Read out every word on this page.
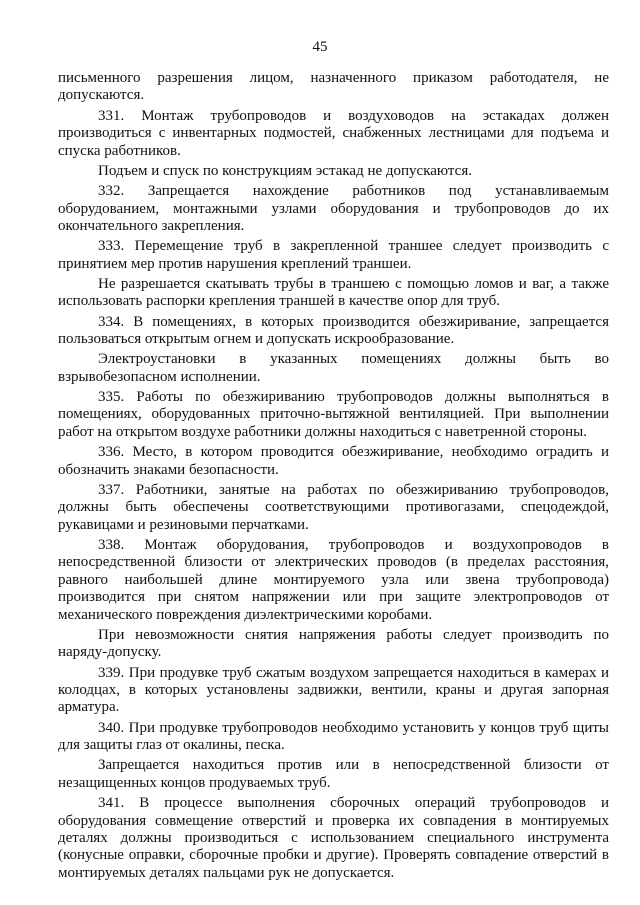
45

письменного разрешения лицом, назначенного приказом работодателя, не допускаются.

331. Монтаж трубопроводов и воздуховодов на эстакадах должен производиться с инвентарных подмостей, снабженных лестницами для подъема и спуска работников.

Подъем и спуск по конструкциям эстакад не допускаются.

332. Запрещается нахождение работников под устанавливаемым оборудованием, монтажными узлами оборудования и трубопроводов до их окончательного закрепления.

333. Перемещение труб в закрепленной траншее следует производить с принятием мер против нарушения креплений траншеи.

Не разрешается скатывать трубы в траншею с помощью ломов и ваг, а также использовать распорки крепления траншей в качестве опор для труб.

334. В помещениях, в которых производится обезжиривание, запрещается пользоваться открытым огнем и допускать искрообразование.

Электроустановки в указанных помещениях должны быть во взрывобезопасном исполнении.

335. Работы по обезжириванию трубопроводов должны выполняться в помещениях, оборудованных приточно-вытяжной вентиляцией. При выполнении работ на открытом воздухе работники должны находиться с наветренной стороны.

336. Место, в котором проводится обезжиривание, необходимо оградить и обозначить знаками безопасности.

337. Работники, занятые на работах по обезжириванию трубопроводов, должны быть обеспечены соответствующими противогазами, спецодеждой, рукавицами и резиновыми перчатками.

338. Монтаж оборудования, трубопроводов и воздухопроводов в непосредственной близости от электрических проводов (в пределах расстояния, равного наибольшей длине монтируемого узла или звена трубопровода) производится при снятом напряжении или при защите электропроводов от механического повреждения диэлектрическими коробами.

При невозможности снятия напряжения работы следует производить по наряду-допуску.

339. При продувке труб сжатым воздухом запрещается находиться в камерах и колодцах, в которых установлены задвижки, вентили, краны и другая запорная арматура.

340. При продувке трубопроводов необходимо установить у концов труб щиты для защиты глаз от окалины, песка.

Запрещается находиться против или в непосредственной близости от незащищенных концов продуваемых труб.

341. В процессе выполнения сборочных операций трубопроводов и оборудования совмещение отверстий и проверка их совпадения в монтируемых деталях должны производиться с использованием специального инструмента (конусные оправки, сборочные пробки и другие). Проверять совпадение отверстий в монтируемых деталях пальцами рук не допускается.
